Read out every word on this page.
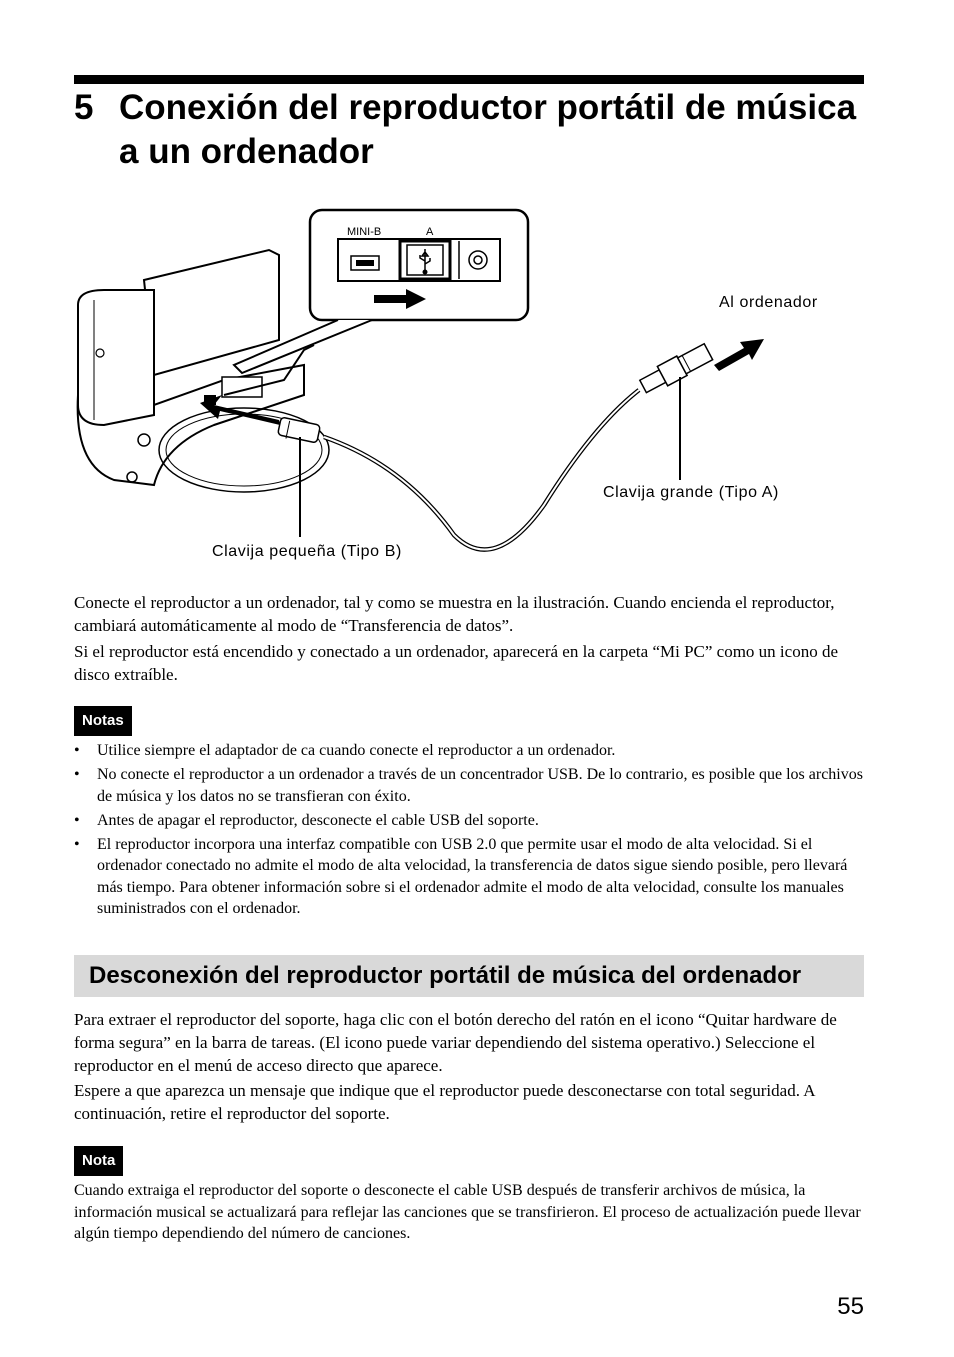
5 Conexión del reproductor portátil de música a un ordenador
MINI-B	A
Al ordenador
Clavija grande (Tipo A)
Clavija pequeña (Tipo B)

Conecte el reproductor a un ordenador, tal y como se muestra en la ilustración. Cuando encienda el reproductor, cambiará automáticamente al modo de “Transferencia de datos”.

Si el reproductor está encendido y conectado a un ordenador, aparecerá en la carpeta “Mi PC” como un icono de disco extraíble.

Notas
• Utilice siempre el adaptador de ca cuando conecte el reproductor a un ordenador.
• No conecte el reproductor a un ordenador a través de un concentrador USB. De lo contrario, es posible que los archivos de música y los datos no se transfieran con éxito.
• Antes de apagar el reproductor, desconecte el cable USB del soporte.
• El reproductor incorpora una interfaz compatible con USB 2.0 que permite usar el modo de alta velocidad. Si el ordenador conectado no admite el modo de alta velocidad, la transferencia de datos sigue siendo posible, pero llevará más tiempo. Para obtener información sobre si el ordenador admite el modo de alta velocidad, consulte los manuales suministrados con el ordenador.
Desconexión del reproductor portátil de música del ordenador

Para extraer el reproductor del soporte, haga clic con el botón derecho del ratón en el icono “Quitar hardware de forma segura” en la barra de tareas. (El icono puede variar dependiendo del sistema operativo.) Seleccione el reproductor en el menú de acceso directo que aparece.

Espere a que aparezca un mensaje que indique que el reproductor puede desconectarse con total seguridad. A continuación, retire el reproductor del soporte.

Nota

Cuando extraiga el reproductor del soporte o desconecte el cable USB después de transferir archivos de música, la información musical se actualizará para reflejar las canciones que se transfirieron. El proceso de actualización puede llevar algún tiempo dependiendo del número de canciones.

55
